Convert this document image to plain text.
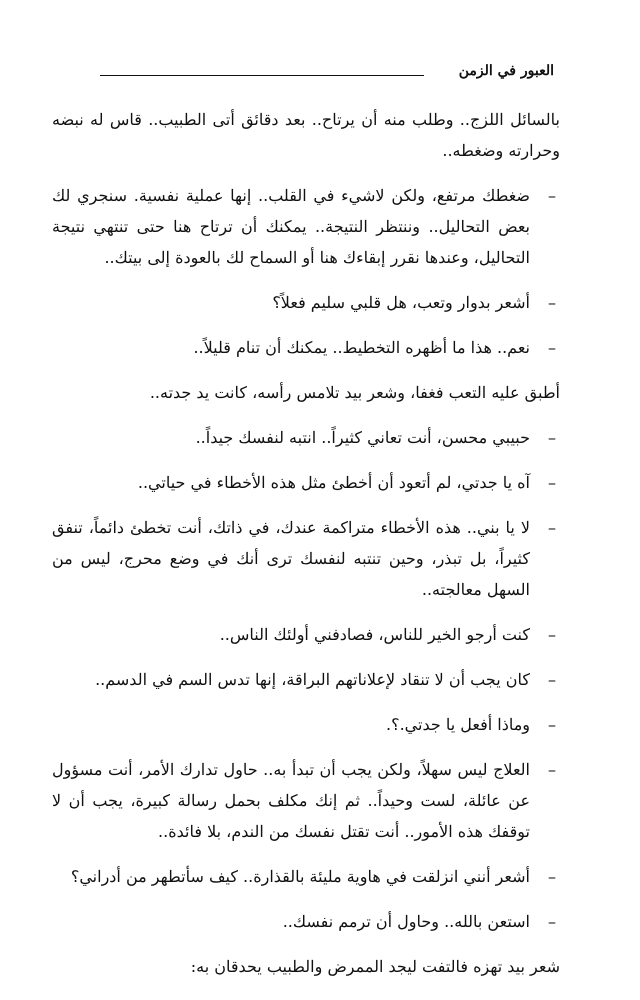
العبور في الزمن

بالسائل اللزج.. وطلب منه أن يرتاح.. بعد دقائق أتى الطبيب.. قاس له نبضه وحرارته وضغطه..

–
ضغطك مرتفع، ولكن لاشيء في القلب.. إنها عملية نفسية. سنجري لك بعض التحاليل.. وننتظر النتيجة.. يمكنك أن ترتاح هنا حتى تنتهي نتيجة التحاليل، وعندها نقرر إبقاءك هنا أو السماح لك بالعودة إلى بيتك..

–
أشعر بدوار وتعب، هل قلبي سليم فعلاً؟

–
نعم.. هذا ما أظهره التخطيط.. يمكنك أن تنام قليلاً..

أطبق عليه التعب فغفا، وشعر بيد تلامس رأسه، كانت يد جدته..

–
حبيبي محسن، أنت تعاني كثيراً.. انتبه لنفسك جيداً..

–
آه يا جدتي، لم أتعود أن أخطئ مثل هذه الأخطاء في حياتي..

–
لا يا بني.. هذه الأخطاء متراكمة عندك، في ذاتك، أنت تخطئ دائماً، تنفق كثيراً، بل تبذر، وحين تنتبه لنفسك ترى أنك في وضع محرج، ليس من السهل معالجته..

–
كنت أرجو الخير للناس، فصادفني أولئك الناس..

–
كان يجب أن لا تنقاد لإعلاناتهم البراقة، إنها تدس السم في الدسم..

–
وماذا أفعل يا جدتي.؟.

–
العلاج ليس سهلاً، ولكن يجب أن تبدأ به.. حاول تدارك الأمر، أنت مسؤول عن عائلة، لست وحيداً.. ثم إنك مكلف بحمل رسالة كبيرة، يجب أن لا توقفك هذه الأمور.. أنت تقتل نفسك من الندم، بلا فائدة..

–
أشعر أنني انزلقت في هاوية مليئة بالقذارة.. كيف سأتطهر من أدراني؟

–
استعن بالله.. وحاول أن ترمم نفسك..

شعر بيد تهزه فالتفت ليجد الممرض والطبيب يحدقان به:
